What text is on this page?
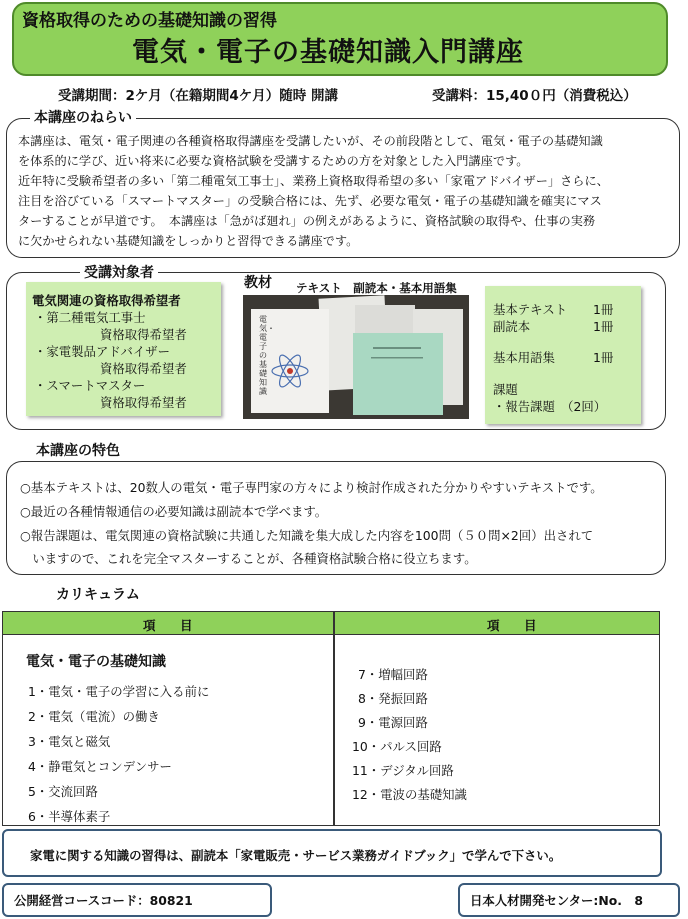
資格取得のための基礎知識の習得
電気・電子の基礎知識入門講座
受講期間：2ケ月（在籍期間4ケ月）随時 開講	受講料：15,40０円（消費税込）
本講座のねらい

本講座は、電気・電子関連の各種資格取得講座を受講したいが、その前段階として、電気・電子の基礎知識

を体系的に学び、近い将来に必要な資格試験を受講するための方を対象とした入門講座です。

近年特に受験希望者の多い「第二種電気工事士」、業務上資格取得希望の多い「家電アドバイザー」さらに、

注目を浴びている「スマートマスター」の受験合格には、先ず、必要な電気・電子の基礎知識を確実にマス

ターすることが早道です。　本講座は「急がば廻れ」の例えがあるように、資格試験の取得や、仕事の実務

に欠かせられない基礎知識をしっかりと習得できる講座です。

受講対象者
電気関連の資格取得希望者
・第二種電気工事士
資格取得希望者
・家電製品アドバイザー
資格取得希望者
・スマートマスター
資格取得希望者
教材 テキスト　副読本・基本用語集
電気・電子の基礎知識
基本テキスト 1冊
副読本	1冊
基本用語集	1冊
課題
・報告課題　（2回）
本講座の特色
○基本テキストは、20数人の電気・電子専門家の方々により検討作成された分かりやすいテキストです。
○最近の各種情報通信の必要知識は副読本で学べます。
○報告課題は、電気関連の資格試験に共通した知識を集大成した内容を100問（５０問×2回）出されて
　いますので、これを完全マスターすることが、各種資格試験合格に役立ちます。
カリキュラム
項　目	項　目
電気・電子の基礎知識
1・電気・電子の学習に入る前に
2・電気（電流）の働き
3・電気と磁気
4・静電気とコンデンサー
5・交流回路
6・半導体素子
7・増幅回路
8・発振回路
9・電源回路
10・パルス回路
11・デジタル回路
12・電波の基礎知識
家電に関する知識の習得は、副読本「家電販売・サービス業務ガイドブック」で学んで下さい。
公開経営コースコード：80821	日本人材開発センター:No.　8
